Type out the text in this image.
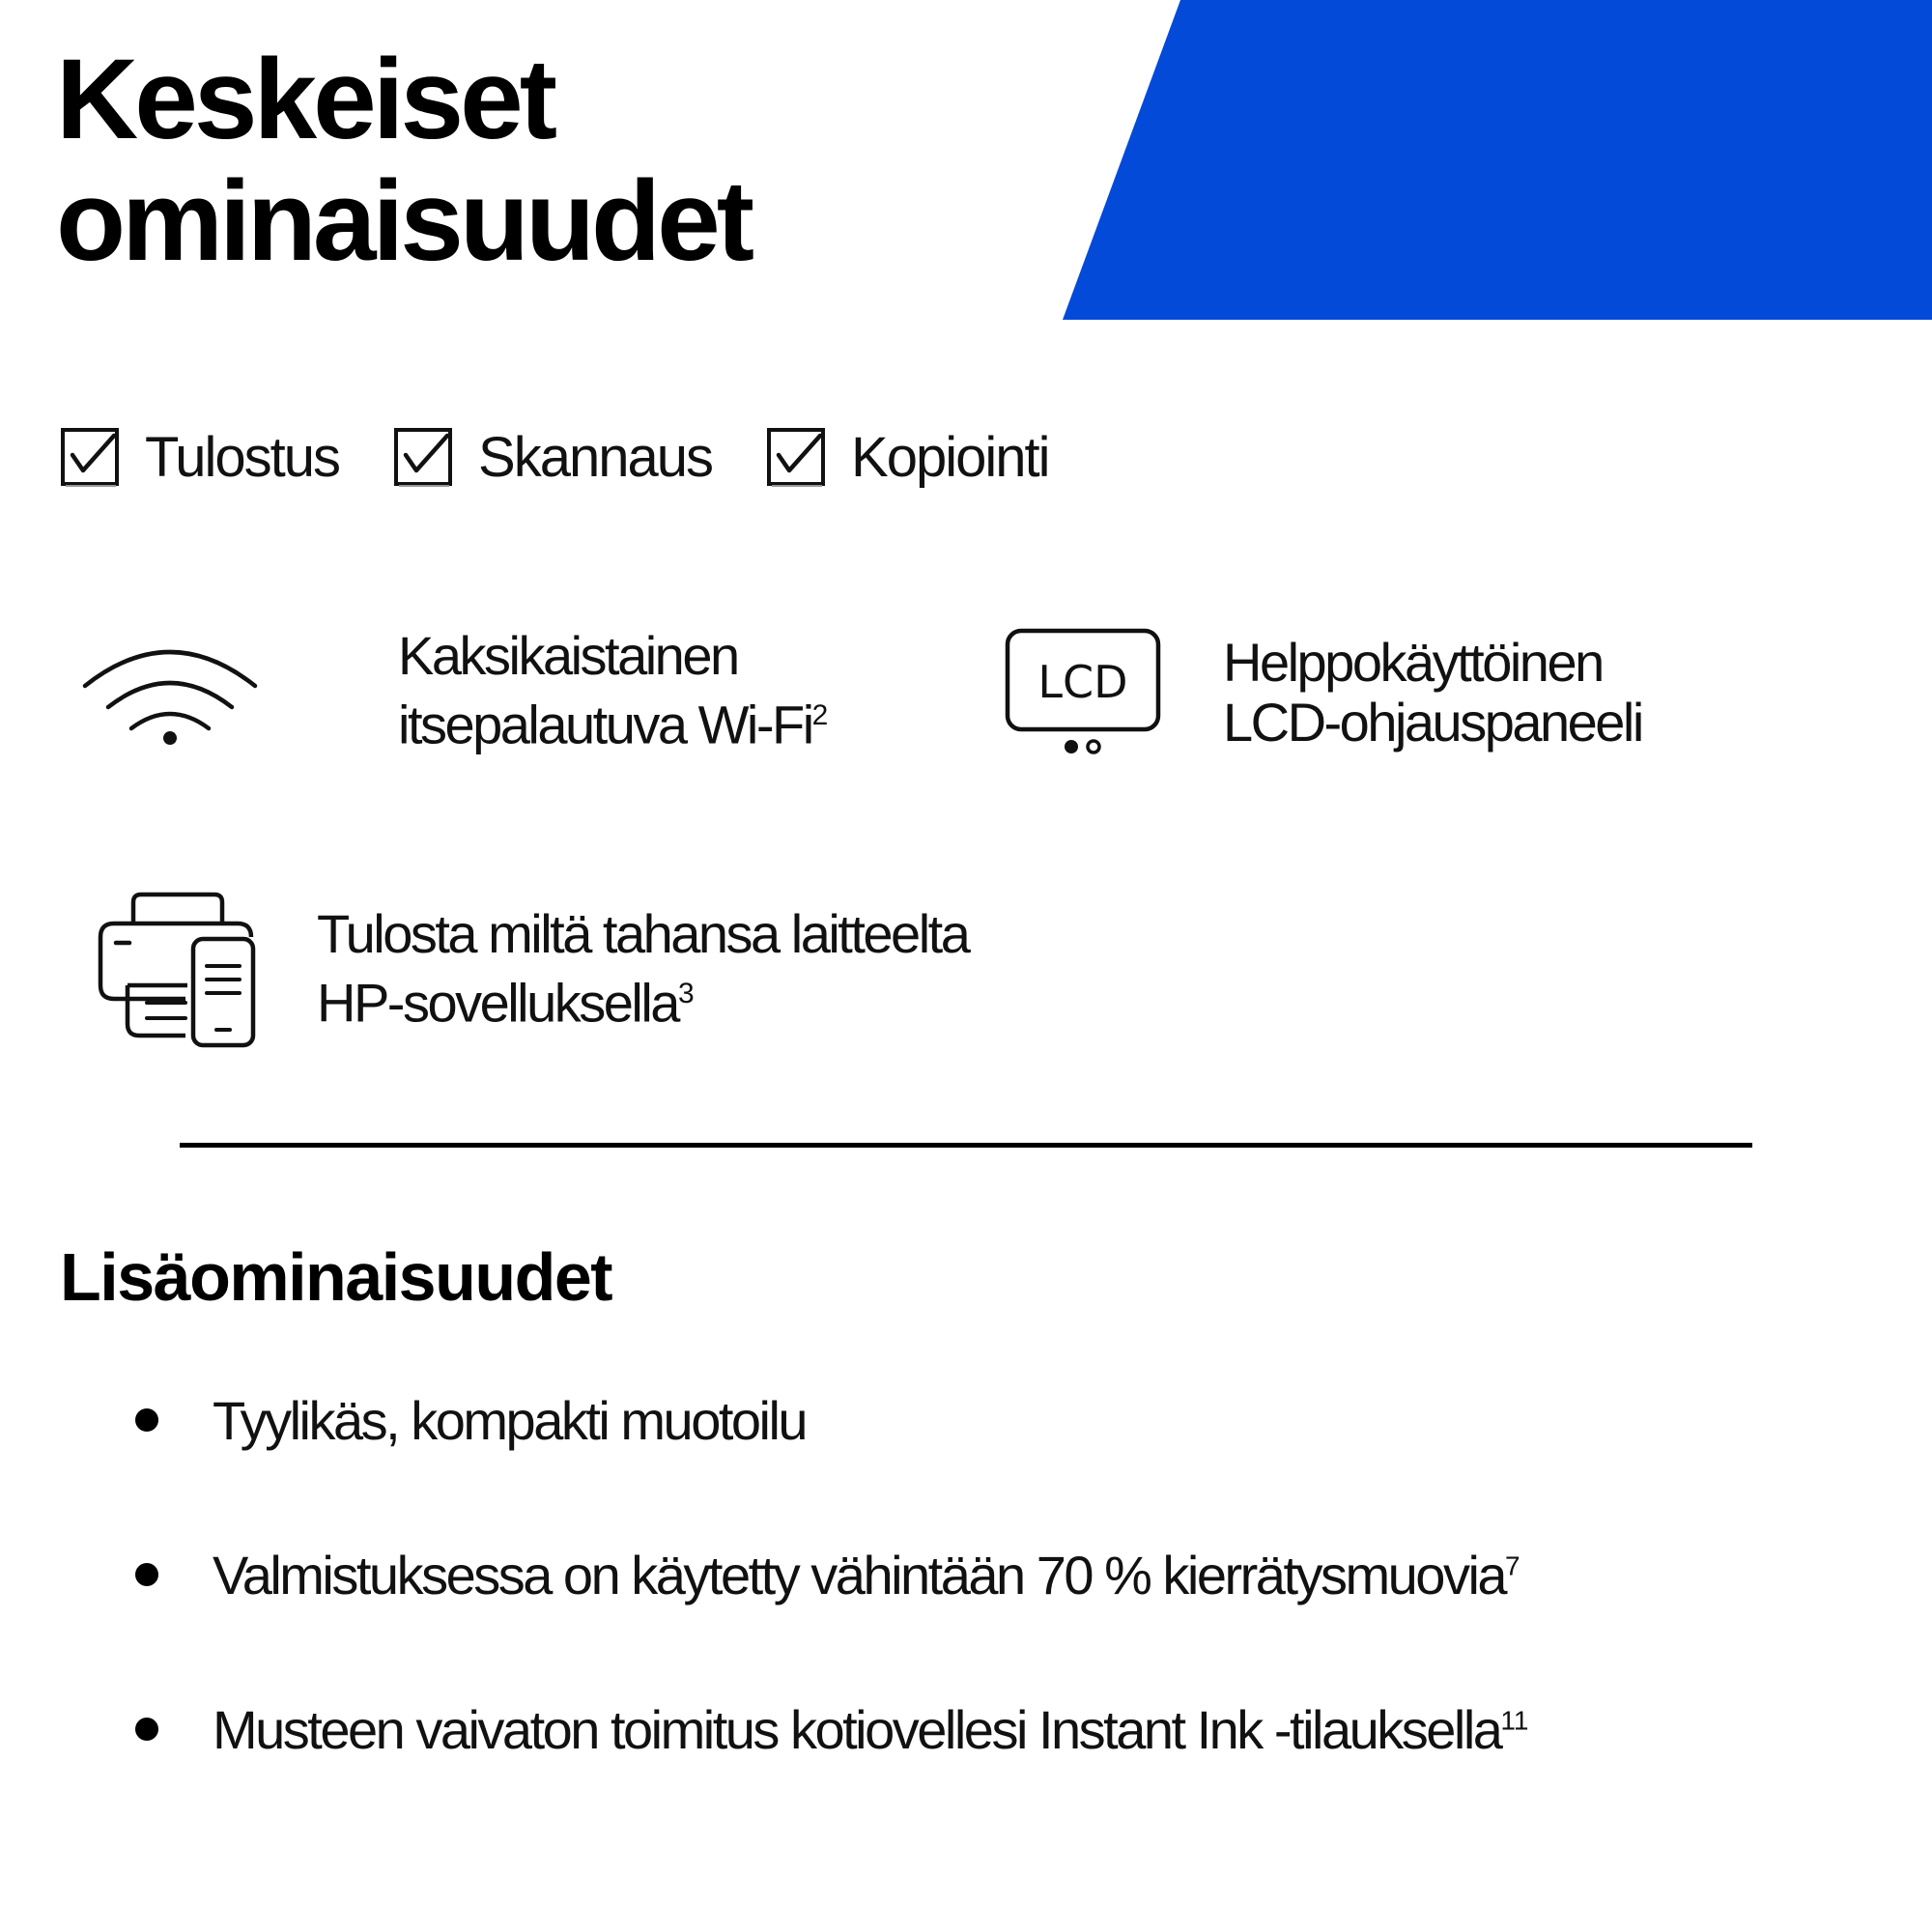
Keskeiset
ominaisuudet
Tulostus Skannaus Kopiointi
Kaksikaistainen
itsepalautuva Wi-Fi$^2$
LCD Helppokäyttöinen
LCD-ohjauspaneeli
Tulosta miltä tahansa laitteelta
HP-sovelluksella$^3$
Lisäominaisuudet
Tyylikäs, kompakti muotoilu
Valmistuksessa on käytetty vähintään 70 % kierrätysmuovia$^7$
Musteen vaivaton toimitus kotiovellesi Instant Ink -tilauksella$^{11}$
